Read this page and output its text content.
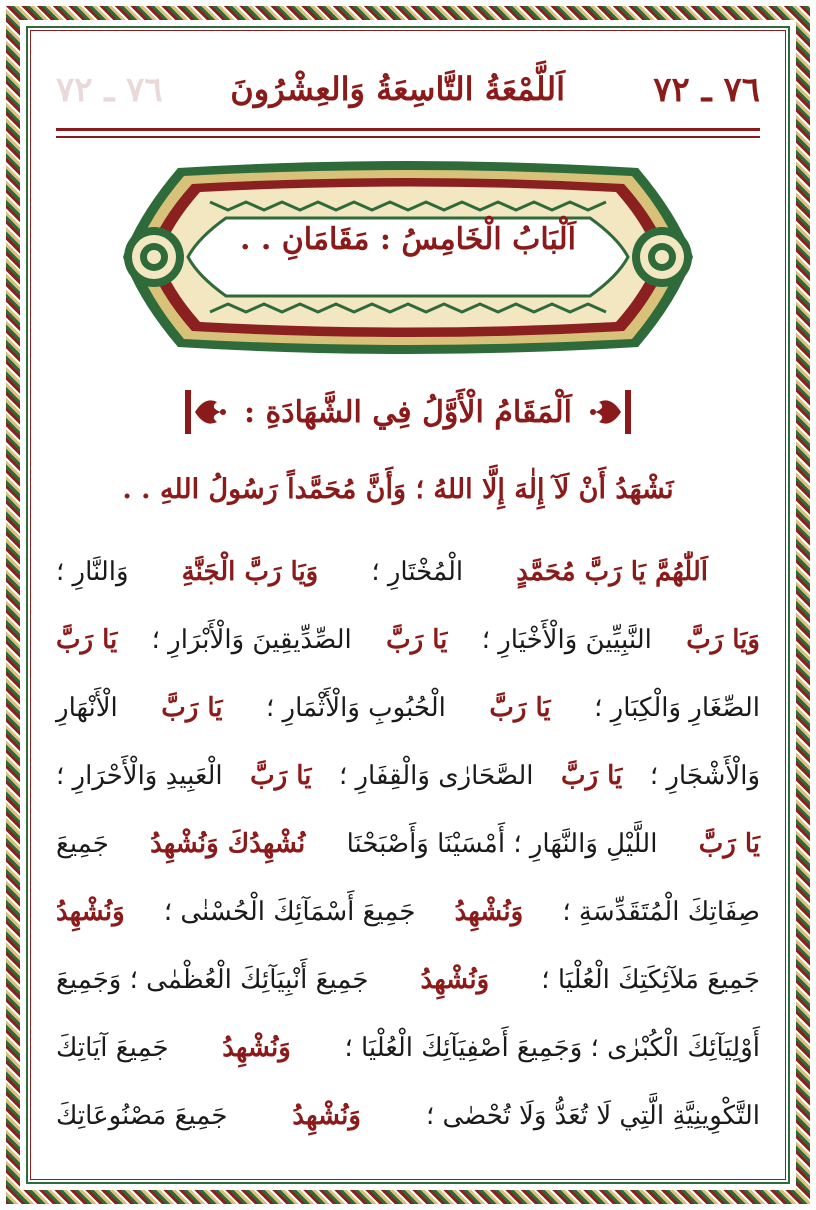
٧٦ ـ ٧٢
اَللَّمْعَةُ التَّاسِعَةُ وَالعِشْرُونَ
٧٦ ـ ٧٢
اَلْبَابُ الْخَامِسُ : مَقَامَانِ . .
اَلْمَقَامُ الْأَوَّلُ فِي الشَّهَادَةِ :
نَشْهَدُ أَنْ لَآ إِلٰهَ إِلَّا اللهُ ؛ وَأَنَّ مُحَمَّداً رَسُولُ اللهِ . .
اَللّٰهُمَّ يَا رَبَّ مُحَمَّدٍ
الْمُخْتَارِ ؛
وَيَا رَبَّ الْجَنَّةِ
وَالنَّارِ ؛
وَيَا رَبَّ
النَّبِيِّينَ وَالْأَخْيَارِ ؛
يَا رَبَّ
الصِّدِّيقِينَ وَالْأَبْرَارِ ؛
يَا رَبَّ
الصِّغَارِ وَالْكِبَارِ ؛
يَا رَبَّ
الْحُبُوبِ وَالْأَثْمَارِ ؛
يَا رَبَّ
الْأَنْهَارِ
وَالْأَشْجَارِ ؛
يَا رَبَّ
الصَّحَارٰى وَالْقِفَارِ ؛
يَا رَبَّ
الْعَبِيدِ وَالْأَحْرَارِ ؛
يَا رَبَّ
اللَّيْلِ وَالنَّهَارِ ؛ أَمْسَيْنَا وَأَصْبَحْنَا
نُشْهِدُكَ وَنُشْهِدُ
جَمِيعَ
صِفَاتِكَ الْمُتَقَدِّسَةِ ؛
وَنُشْهِدُ
جَمِيعَ أَسْمَآئِكَ الْحُسْنٰى ؛
وَنُشْهِدُ
جَمِيعَ مَلآئِكَتِكَ الْعُلْيَا ؛
وَنُشْهِدُ
جَمِيعَ أَنْبِيَآئِكَ الْعُظْمٰى ؛ وَجَمِيعَ
أَوْلِيَآئِكَ الْكُبْرٰى ؛ وَجَمِيعَ أَصْفِيَآئِكَ الْعُلْيَا ؛
وَنُشْهِدُ
جَمِيعَ آيَاتِكَ
التَّكْوِينِيَّةِ الَّتِي لَا تُعَدُّ وَلَا تُحْصٰى ؛
وَنُشْهِدُ
جَمِيعَ مَصْنُوعَاتِكَ
